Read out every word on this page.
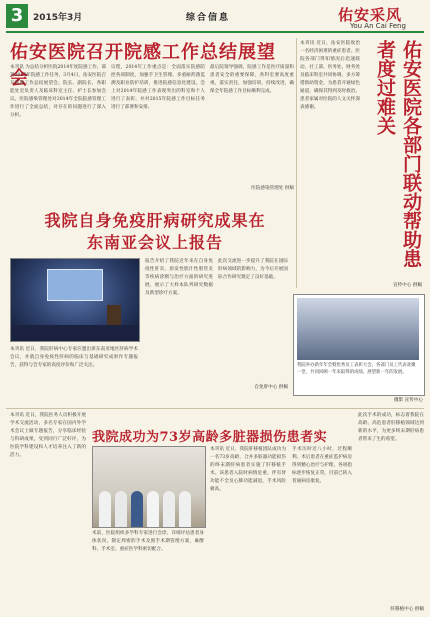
3	2015年3月	综合信息	佑安采风
You An Cai Feng
佑安医院召开院感工作总结展望会
本刊讯 为总结分析医院2014年度院感工作，部署2015年院感工作任务，3月4日，佑安医院召开院感工作总结展望会。院长、副院长、各职能处室负责人及临床科室主任、护士长参加会议。医院感染管理处对2014年全院院感管理工作进行了全面总结，对存在的问题进行了深入分析。
议程，2014年工作重点是：全面落实院感防控各项制度，加强手卫生管理、多重耐药菌监测及职业防护培训，推进院感信息化建设。会上对2014年院感工作表现突出的科室和个人进行了表彰，并对2015年院感工作目标任务进行了部署和安排。
最后院领导强调，院感工作是医疗质量和患者安全的重要保障，各科室要高度重视，落实责任，加强培训，持续改进，确保全年院感工作目标顺利完成。
医院感染管理处 供稿
本刊讯 近日，佑安医院收治一名经济困难的重症患者。医院各部门得知情况后迅速联动，社工部、医务处、财务处及临床科室共同协调，多方筹措救助资金，为患者开通绿色通道，确保其得到及时救治。患者家属对医院的人文关怀深表感谢。	佑安医院各部门联动帮助患者度过难关
宣传中心 供稿
我院举办新年年会暨优秀员工表彰大会，各部门员工代表欢聚一堂，共同回顾一年来取得的成绩，展望新一年的发展。
摄影 宣传中心
我院自身免疫肝病研究成果在东南亚会议上报告
本刊讯 近日，我院肝病中心专家应邀出席东南亚地区肝病学术会议，并就自身免疫性肝病的临床与基础研究成果作专题报告，获得与会专家的高度评价和广泛关注。
报告介绍了我院近年来在自身免疫性肝炎、原发性胆汁性胆管炎等疾病诊断与治疗方面的研究进展，展示了大样本队列研究数据及新型诊疗方案。
此次交流进一步提升了我院在国际肝病领域的影响力，为今后开展国际合作研究奠定了良好基础。
自免肝中心 供稿
本刊讯 近日，我院医务人员积极开展学术交流活动，多名专家在国内外学术会议上做专题报告，分享临床经验与科研成果，受到同行广泛好评，为医院学科建设和人才培养注入了新的活力。
我院成功为73岁高龄多脏器损伤患者实
术前，医院组织多学科专家进行会诊，详细评估患者身体状况，制定周密的手术及围手术期管理方案，麻醉科、手术室、重症医学科密切配合。
本刊讯 近日，我院肝移植团队成功为一名73岁高龄、合并多脏器功能损伤的终末期肝病患者实施了肝移植手术。该患者入院时病情危重，伴有肾功能不全及心肺功能减退，手术风险极高。
手术历时近八小时，过程顺利。术后患者在重症监护病房得到精心治疗与护理，各项指标逐步恢复正常，目前已转入普通病房康复。
此次手术的成功，标志着我院在高龄、高危患者肝移植领域达到新的水平，为更多终末期肝病患者带来了生的希望。
肝移植中心 供稿
